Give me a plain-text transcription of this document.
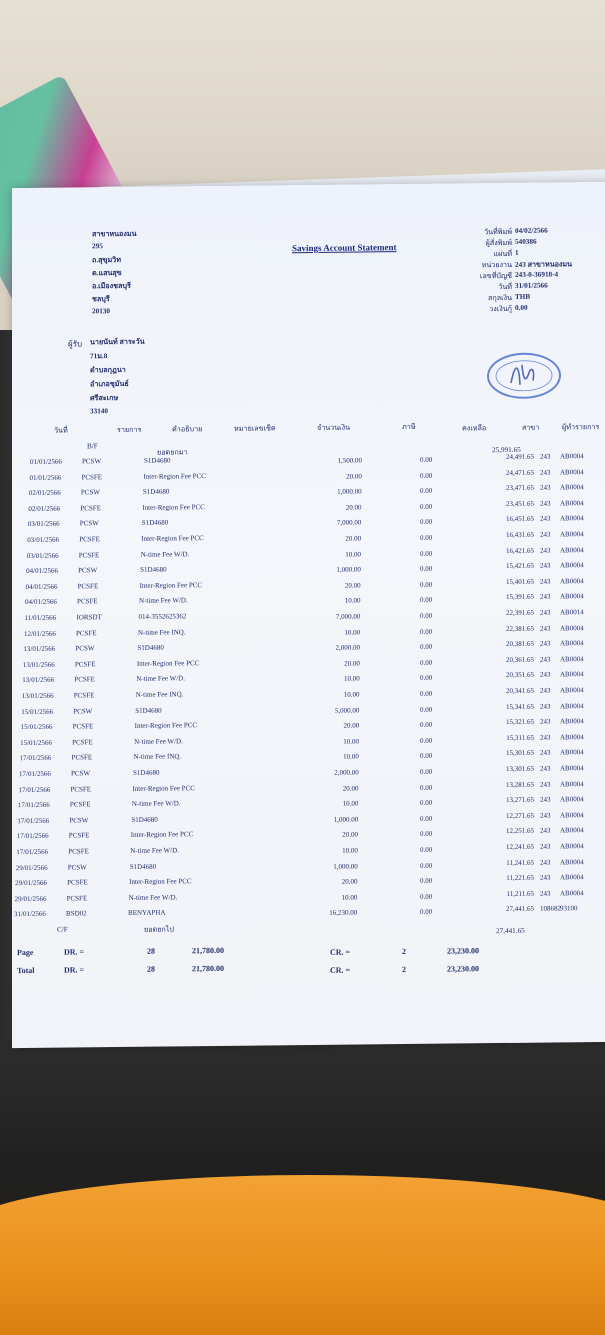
สาขาหนองมน
295
ถ.สุขุมวิท
ต.แสนสุข
อ.เมืองชลบุรี
ชลบุรี
20130
Savings Account Statement
วันที่พิมพ์ 04/02/2566
ผู้สั่งพิมพ์ 540386
แผ่นที่ 1
หน่วยงาน 243 สาขาหนองมน
เลขที่บัญชี 243-0-36918-4
วันที่ 31/01/2566
สกุลเงิน THB
วงเงินกู้ 0.00
ผู้รับ นายนันท์ สาระวัน
71ม.8
ตำบลกุฎนา
อำเภอชุมันธ์
ศรีสะเกษ
33140
วันที่	รายการ	คำอธิบาย	หมายเลขเช็ค	จำนวนเงิน	ภาษี	คงเหลือ	สาขา	ผู้ทำรายการ
B/F
ยอดยกมา	25,991.65
01/01/2566	PCSW	S1D4680	1,500.00	0.00	24,491.65 243 AB0004
01/01/2566	PCSFE	Inter-Region Fee PCC	20.00	0.00	24,471.65 243 AB0004
02/01/2566	PCSW	S1D4680	1,000.00	0.00	23,471.65 243 AB0004
02/01/2566	PCSFE	Inter-Region Fee PCC	20.00	0.00	23,451.65 243 AB0004
03/01/2566	PCSW	S1D4680	7,000.00	0.00	16,451.65 243 AB0004
03/01/2566	PCSFE	Inter-Region Fee PCC	20.00	0.00	16,431.65 243 AB0004
03/01/2566	PCSFE	N-time Fee W/D.	10.00	0.00	16,421.65 243 AB0004
04/01/2566	PCSW	S1D4680	1,000.00	0.00	15,421.65 243 AB0004
04/01/2566	PCSFE	Inter-Region Fee PCC	20.00	0.00	15,401.65 243 AB0004
04/01/2566	PCSFE	N-time Fee W/D.	10.00	0.00	15,391.65 243 AB0004
11/01/2566	IORSDT	014-3552625362	7,000.00	0.00	22,391.65 243 AB0014
12/01/2566	PCSFE	N-time Fee INQ.	10.00	0.00	22,381.65 243 AB0004
13/01/2566	PCSW	S1D4680	2,000.00	0.00	20,381.65 243 AB0004
13/01/2566	PCSFE	Inter-Region Fee PCC	20.00	0.00	20,361.65 243 AB0004
13/01/2566	PCSFE	N-time Fee W/D.	10.00	0.00	20,351.65 243 AB0004
13/01/2566	PCSFE	N-time Fee INQ.	10.00	0.00	20,341.65 243 AB0004
15/01/2566	PCSW	S1D4680	5,000.00	0.00	15,341.65 243 AB0004
15/01/2566	PCSFE	Inter-Region Fee PCC	20.00	0.00	15,321.65 243 AB0004
15/01/2566	PCSFE	N-time Fee W/D.	10.00	0.00	15,311.65 243 AB0004
17/01/2566	PCSFE	N-time Fee INQ.	10.00	0.00	15,301.65 243 AB0004
17/01/2566	PCSW	S1D4680	2,000.00	0.00	13,301.65 243 AB0004
17/01/2566	PCSFE	Inter-Region Fee PCC	20.00	0.00	13,281.65 243 AB0004
17/01/2566	PCSFE	N-time Fee W/D.	10.00	0.00	13,271.65 243 AB0004
17/01/2566	PCSW	S1D4680	1,000.00	0.00	12,271.65 243 AB0004
17/01/2566	PCSFE	Inter-Region Fee PCC	20.00	0.00	12,251.65 243 AB0004
17/01/2566	PCSFE	N-time Fee W/D.	10.00	0.00	12,241.65 243 AB0004
29/01/2566	PCSW	S1D4680	1,000.00	0.00	11,241.65 243 AB0004
29/01/2566	PCSFE	Inter-Region Fee PCC	20.00	0.00	11,221.65 243 AB0004
29/01/2566	PCSFE	N-time Fee W/D.	10.00	0.00	11,211.65 243 AB0004
31/01/2566	BSD02	BENYAPHA	16,230.00	0.00	27,441.65 108682 93100
C/F	ยอดยกไป	27,441.65
Page	DR. =	28	21,780.00	CR. =	2	23,230.00
Total	DR. =	28	21,780.00	CR. =	2	23,230.00
